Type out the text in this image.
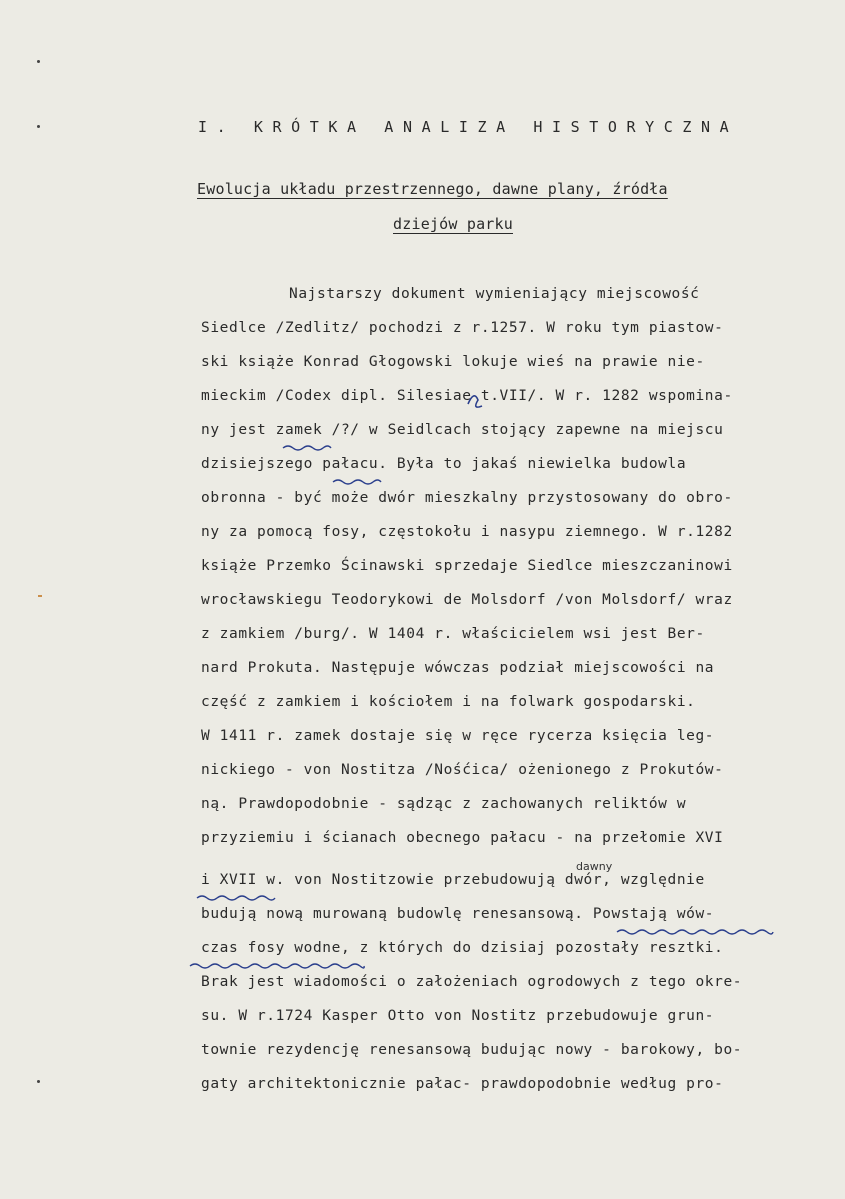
I. KRÓTKA ANALIZA HISTORYCZNA
Ewolucja układu przestrzennego, dawne plany, źródła
dziejów parku
dawny
Najstarszy dokument wymieniający miejscowość
Siedlce /Zedlitz/ pochodzi z r.1257. W roku tym piastow-
ski książe Konrad Głogowski lokuje wieś na prawie nie-
mieckim /Codex dipl. Silesiae t.VII/. W r. 1282 wspomina-
ny jest zamek /?/ w Seidlcach stojący zapewne na miejscu
dzisiejszego pałacu. Była to jakaś niewielka budowla
obronna - być może dwór mieszkalny przystosowany do obro-
ny za pomocą fosy, częstokołu i nasypu ziemnego. W r.1282
książe Przemko Ścinawski sprzedaje Siedlce mieszczaninowi
wrocławskiegu Teodorykowi de Molsdorf /von Molsdorf/ wraz
z zamkiem /burg/. W 1404 r. właścicielem wsi jest Ber-
nard Prokuta. Następuje wówczas podział miejscowości na
część z zamkiem i kościołem i na folwark gospodarski.
W 1411 r. zamek dostaje się w ręce rycerza księcia leg-
nickiego - von Nostitza /Nośćica/ ożenionego z Prokutów-
ną. Prawdopodobnie - sądząc z zachowanych reliktów w
przyziemiu i ścianach obecnego pałacu - na przełomie XVI
i XVII w. von Nostitzowie przebudowują dwór, względnie
budują nową murowaną budowlę renesansową. Powstają wów-
czas fosy wodne, z których do dzisiaj pozostały resztki.
Brak jest wiadomości o założeniach ogrodowych z tego okre-
su. W r.1724 Kasper Otto von Nostitz przebudowuje grun-
townie rezydencję renesansową budując nowy - barokowy, bo-
gaty architektonicznie pałac- prawdopodobnie według pro-
